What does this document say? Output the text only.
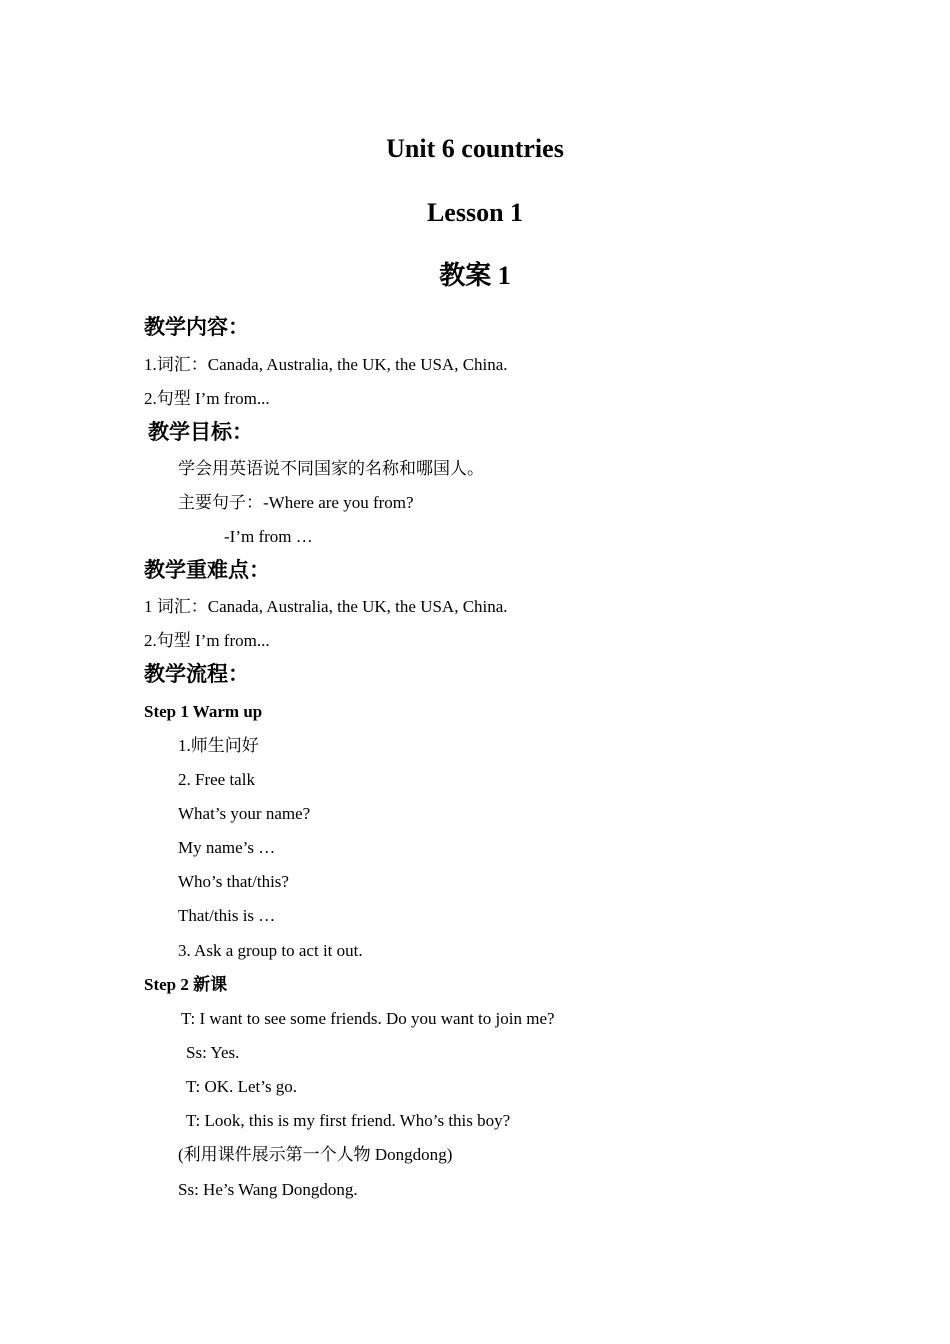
Unit 6 countries
Lesson 1
教案 1
教学内容：
1.词汇：Canada, Australia, the UK, the USA, China.
2.句型 I’m from...
教学目标：
学会用英语说不同国家的名称和哪国人。
主要句子：-Where are you from?
-I’m from …
教学重难点：
1 词汇：Canada, Australia, the UK, the USA, China.
2.句型 I’m from...
教学流程：
Step 1 Warm up
1.师生问好
2. Free talk
What’s your name?
My name’s …
Who’s that/this?
That/this is …
3. Ask a group to act it out.
Step 2 新课
T: I want to see some friends. Do you want to join me?
Ss: Yes.
T: OK. Let’s go.
T: Look, this is my first friend. Who’s this boy?
(利用课件展示第一个人物 Dongdong)
Ss: He’s Wang Dongdong.
